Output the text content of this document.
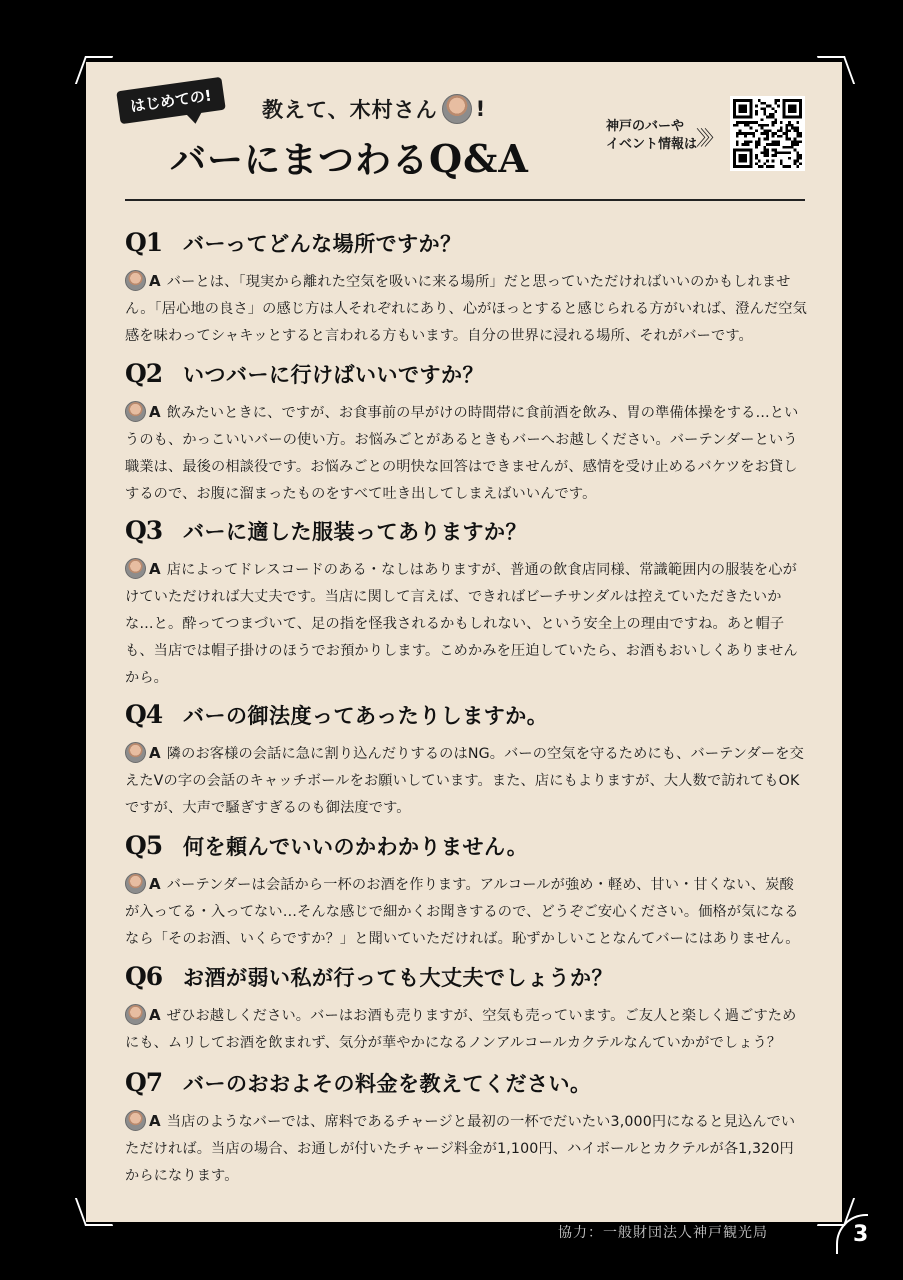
はじめての!	教えて、木村さん !
バーにまつわるQ&A
神戸のバーや
イベント情報は
〉〉〉
Q1 バーってどんな場所ですか？
A バーとは、「現実から離れた空気を吸いに来る場所」だと思っていただければいいのかもしれません。「居心地の良さ」の感じ方は人それぞれにあり、心がほっとすると感じられる方がいれば、澄んだ空気感を味わってシャキッとすると言われる方もいます。自分の世界に浸れる場所、それがバーです。
Q2 いつバーに行けばいいですか？
A 飲みたいときに、ですが、お食事前の早がけの時間帯に食前酒を飲み、胃の準備体操をする…というのも、かっこいいバーの使い方。お悩みごとがあるときもバーへお越しください。バーテンダーという職業は、最後の相談役です。お悩みごとの明快な回答はできませんが、感情を受け止めるバケツをお貸しするので、お腹に溜まったものをすべて吐き出してしまえばいいんです。
Q3 バーに適した服装ってありますか？
A 店によってドレスコードのある・なしはありますが、普通の飲食店同様、常識範囲内の服装を心がけていただければ大丈夫です。当店に関して言えば、できればビーチサンダルは控えていただきたいかな…と。酔ってつまづいて、足の指を怪我されるかもしれない、という安全上の理由ですね。あと帽子も、当店では帽子掛けのほうでお預かりします。こめかみを圧迫していたら、お酒もおいしくありませんから。
Q4 バーの御法度ってあったりしますか。
A 隣のお客様の会話に急に割り込んだりするのはNG。バーの空気を守るためにも、バーテンダーを交えたVの字の会話のキャッチボールをお願いしています。また、店にもよりますが、大人数で訪れてもOKですが、大声で騒ぎすぎるのも御法度です。
Q5 何を頼んでいいのかわかりません。
A バーテンダーは会話から一杯のお酒を作ります。アルコールが強め・軽め、甘い・甘くない、炭酸が入ってる・入ってない…そんな感じで細かくお聞きするので、どうぞご安心ください。価格が気になるなら「そのお酒、いくらですか？」と聞いていただければ。恥ずかしいことなんてバーにはありません。
Q6 お酒が弱い私が行っても大丈夫でしょうか？
A ぜひお越しください。バーはお酒も売りますが、空気も売っています。ご友人と楽しく過ごすためにも、ムリしてお酒を飲まれず、気分が華やかになるノンアルコールカクテルなんていかがでしょう？
Q7 バーのおおよその料金を教えてください。
A 当店のようなバーでは、席料であるチャージと最初の一杯でだいたい3,000円になると見込んでいただければ。当店の場合、お通しが付いたチャージ料金が1,100円、ハイボールとカクテルが各1,320円からになります。
協力：一般財団法人神戸観光局	3
